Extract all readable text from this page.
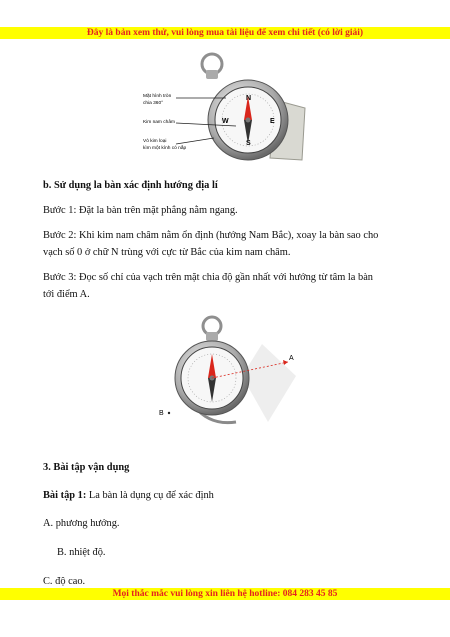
Đây là bản xem thử, vui lòng mua tài liệu để xem chi tiết (có lời giải)
N
S
E
W
Mặt hình tròn
chia 360°
Kim nam châm
Vỏ kim loại
kìm một kính có nắp
b. Sử dụng la bàn xác định hướng địa lí
Bước 1: Đặt la bàn trên mặt phẳng nằm ngang.
Bước 2: Khi kim nam châm nằm ổn định (hướng Nam Bắc), xoay la bàn sao cho
vạch số 0 ở chữ N trùng với cực từ Bắc của kim nam châm.
Bước 3: Đọc số chỉ của vạch trên mặt chia độ gần nhất với hướng từ tâm la bàn
tới điểm A.
A
B
3. Bài tập vận dụng
Bài tập 1: La bàn là dụng cụ để xác định
A. phương hướng.
B. nhiệt độ.
C. độ cao.
Mọi thắc mắc vui lòng xin liên hệ hotline: 084 283 45 85
